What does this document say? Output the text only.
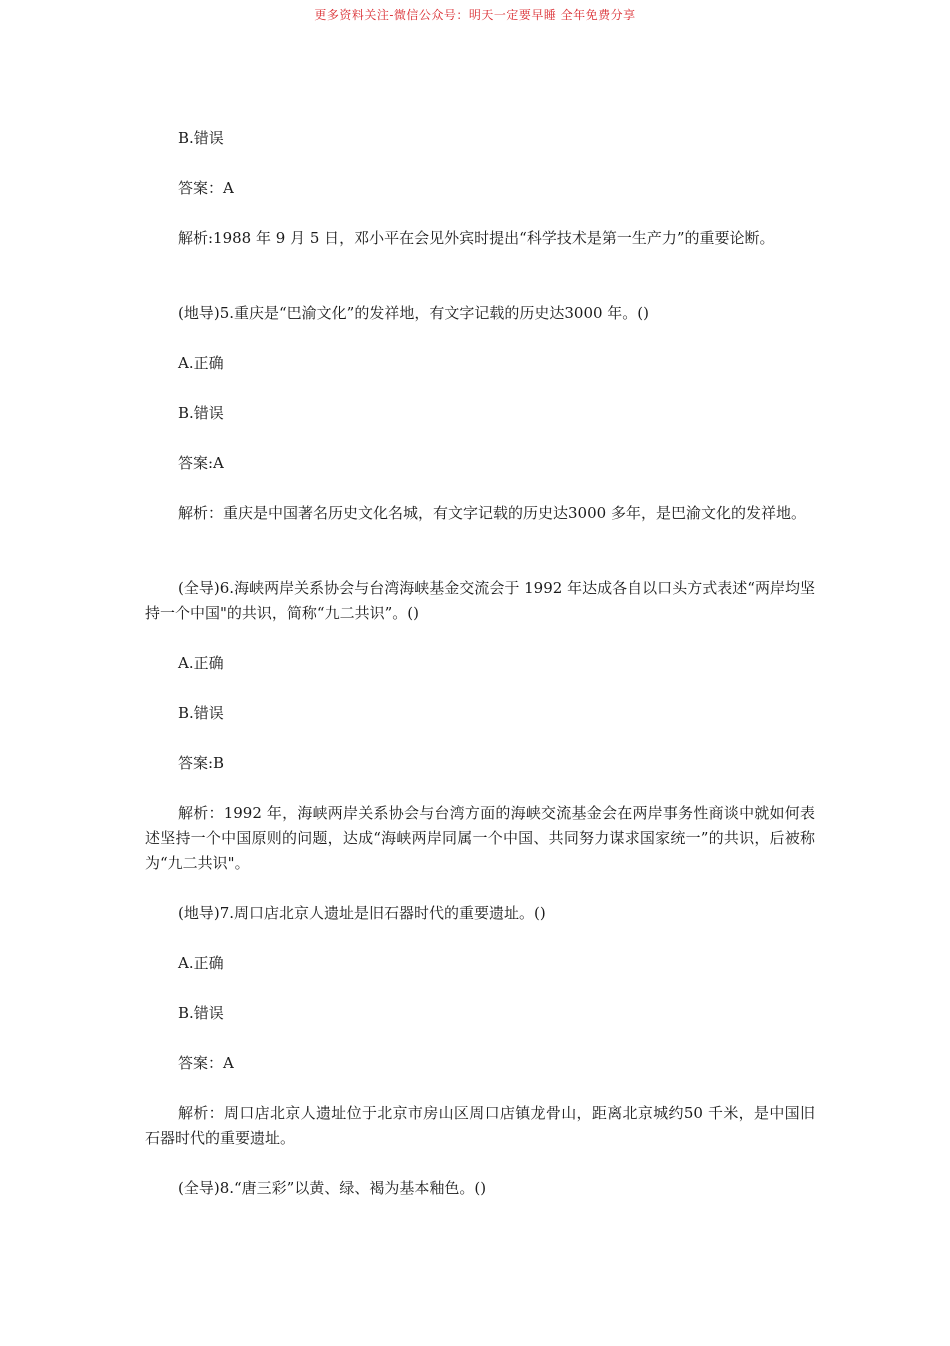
更多资料关注-微信公众号：明天一定要早睡 全年免费分享
B.错误
答案：A
解析:1988 年 9 月 5 日，邓小平在会见外宾时提出“科学技术是第一生产力”的重要论断。
(地导)5.重庆是“巴渝文化”的发祥地，有文字记载的历史达3000 年。()
A.正确
B.错误
答案:A
解析：重庆是中国著名历史文化名城，有文字记载的历史达3000 多年，是巴渝文化的发祥地。
(全导)6.海峡两岸关系协会与台湾海峡基金交流会于 1992 年达成各自以口头方式表述“两岸均坚持一个中国"的共识，简称“九二共识”。()
A.正确
B.错误
答案:B
解析：1992 年，海峡两岸关系协会与台湾方面的海峡交流基金会在两岸事务性商谈中就如何表述坚持一个中国原则的问题，达成“海峡两岸同属一个中国、共同努力谋求国家统一”的共识，后被称为“九二共识"。
(地导)7.周口店北京人遗址是旧石器时代的重要遗址。()
A.正确
B.错误
答案：A
解析：周口店北京人遗址位于北京市房山区周口店镇龙骨山，距离北京城约50 千米，是中国旧石器时代的重要遗址。
(全导)8.“唐三彩”以黄、绿、褐为基本釉色。()
